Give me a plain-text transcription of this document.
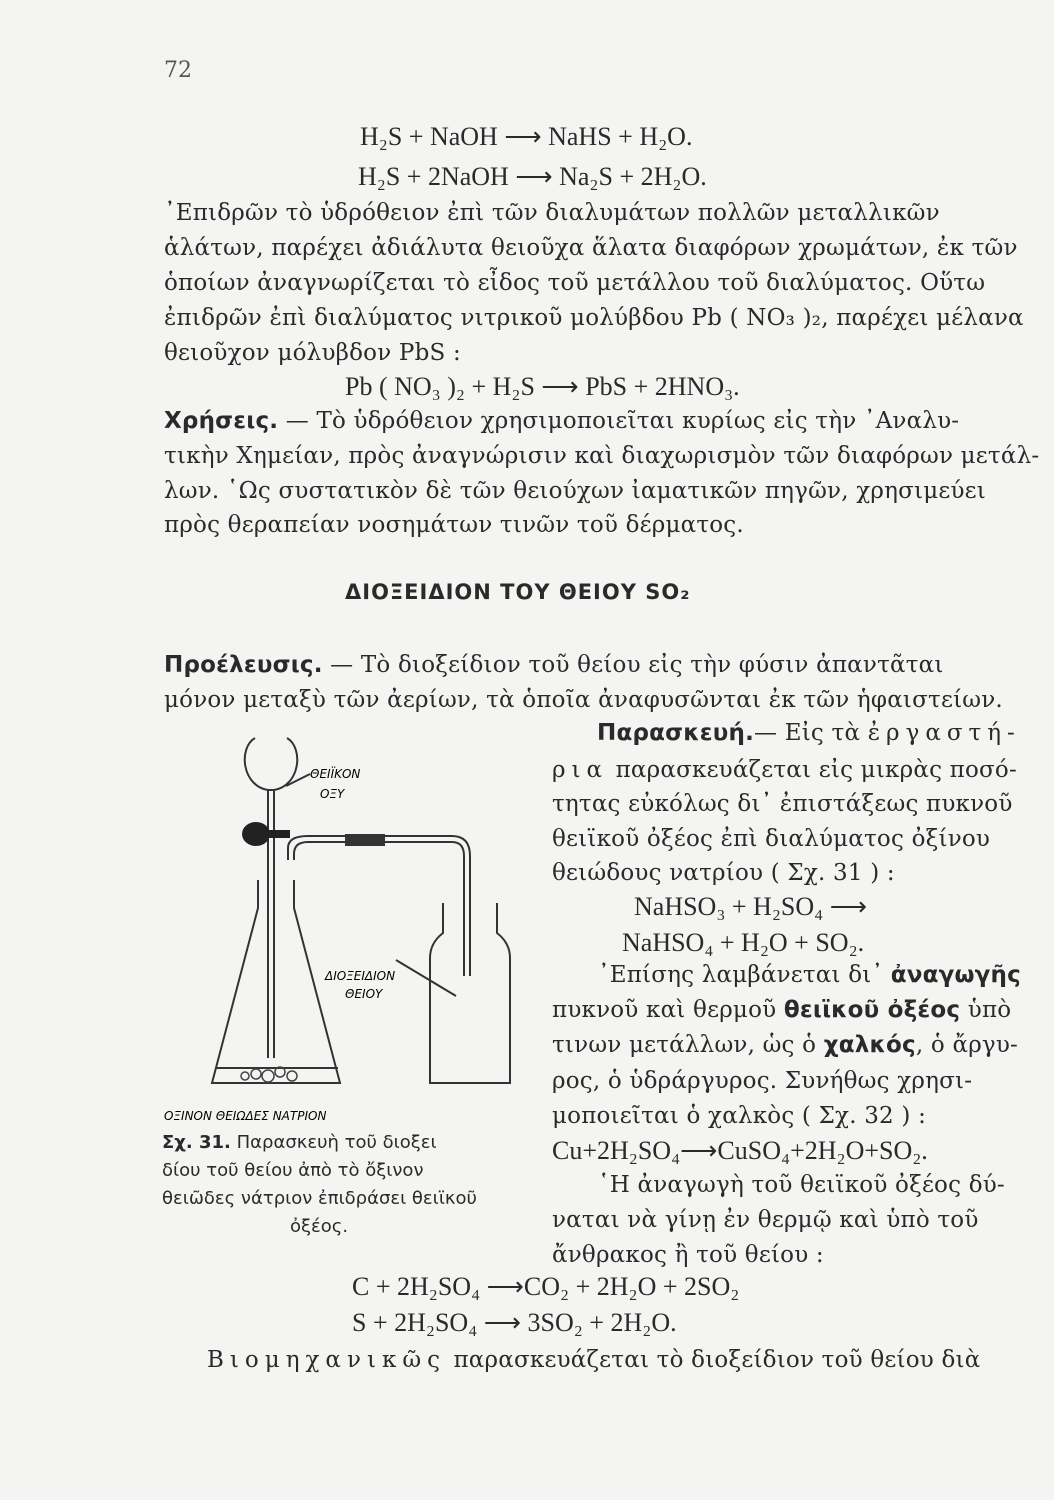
72
H₂S + NaOH ⟶ NaHS + H₂O.
H₂S + 2NaOH ⟶ Na₂S + 2H₂O.
᾿Επιδρῶν τὸ ὑδρόθειον ἐπὶ τῶν διαλυμάτων πολλῶν μεταλλικῶν
ἁλάτων, παρέχει ἀδιάλυτα θειοῦχα ἅλατα διαφόρων χρωμάτων, ἐκ τῶν
ὁποίων ἀναγνωρίζεται τὸ εἶδος τοῦ μετάλλου τοῦ διαλύματος. Οὕτω
ἐπιδρῶν ἐπὶ διαλύματος νιτρικοῦ μολύβδου Pb ( NO₃ )₂, παρέχει μέλανα
θειοῦχον μόλυβδον PbS :
Pb ( NO₃ )₂ + H₂S ⟶ PbS + 2HNO₃.
Χρήσεις. — Τὸ ὑδρόθειον χρησιμοποιεῖται κυρίως εἰς τὴν ᾿Αναλυ-
τικὴν Χημείαν, πρὸς ἀναγνώρισιν καὶ διαχωρισμὸν τῶν διαφόρων μετάλ-
λων. ῾Ως συστατικὸν δὲ τῶν θειούχων ἰαματικῶν πηγῶν, χρησιμεύει
πρὸς θεραπείαν νοσημάτων τινῶν τοῦ δέρματος.
ΔΙΟΞΕΙΔΙΟΝ ΤΟΥ ΘΕΙΟΥ SO₂
Προέλευσις. — Τὸ διοξείδιον τοῦ θείου εἰς τὴν φύσιν ἀπαντᾶται
μόνον μεταξὺ τῶν ἀερίων, τὰ ὁποῖα ἀναφυσῶνται ἐκ τῶν ἡφαιστείων.
Παρασκευή.— Εἰς τὰ ἐργαστή-
ρια παρασκευάζεται εἰς μικρὰς ποσό-
τητας εὐκόλως δι᾿ ἐπιστάξεως πυκνοῦ
θειϊκοῦ ὀξέος ἐπὶ διαλύματος ὀξίνου
θειώδους νατρίου ( Σχ. 31 ) :
NaHSO₃ + H₂SO₄ ⟶
NaHSO₄ + H₂O + SO₂.
᾿Επίσης λαμβάνεται δι᾿ ἀναγωγῆς
πυκνοῦ καὶ θερμοῦ θειϊκοῦ ὀξέος ὑπὸ
τινων μετάλλων, ὡς ὁ χαλκός, ὁ ἄργυ-
ρος, ὁ ὑδράργυρος. Συνήθως χρησι-
μοποιεῖται ὁ χαλκὸς ( Σχ. 32 ) :
Cu+2H₂SO₄⟶CuSO₄+2H₂O+SO₂.
῾Η ἀναγωγὴ τοῦ θειϊκοῦ ὀξέος δύ-
ναται νὰ γίνῃ ἐν θερμῷ καὶ ὑπὸ τοῦ
ἄνθρακος ἢ τοῦ θείου :
ΘΕΙΪΚΟΝ
ΟΞΥ
ΔΙΟΞΕΙΔΙΟΝ
ΘΕΙΟΥ
ΟΞΙΝΟΝ ΘΕΙΩΔΕΣ ΝΑΤΡΙΟΝ
Σχ. 31. Παρασκευὴ τοῦ διοξει
δίου τοῦ θείου ἀπὸ τὸ ὄξινον
θειῶδες νάτριον ἐπιδράσει θειϊκοῦ
ὀξέος.
C + 2H₂SO₄ ⟶CO₂ + 2H₂O + 2SO₂
S + 2H₂SO₄ ⟶ 3SO₂ + 2H₂O.
Βιομηχανικῶς παρασκευάζεται τὸ διοξείδιον τοῦ θείου διὰ
